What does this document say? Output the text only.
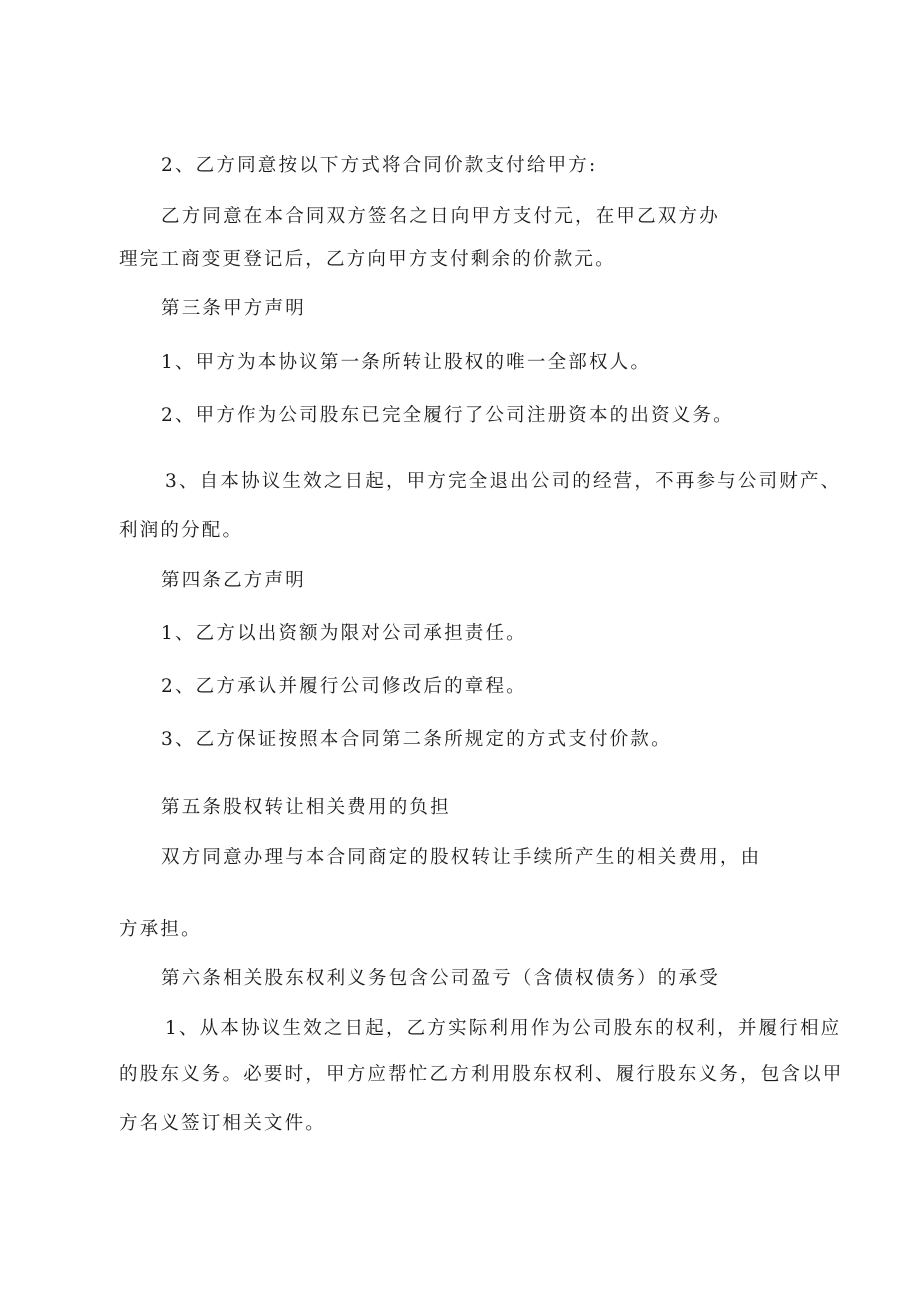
2、乙方同意按以下方式将合同价款支付给甲方:
乙方同意在本合同双方签名之日向甲方支付元，在甲乙双方办
理完工商变更登记后，乙方向甲方支付剩余的价款元。
第三条甲方声明
1、甲方为本协议第一条所转让股权的唯一全部权人。
2、甲方作为公司股东已完全履行了公司注册资本的出资义务。
3、自本协议生效之日起，甲方完全退出公司的经营，不再参与公司财产、
利润的分配。
第四条乙方声明
1、乙方以出资额为限对公司承担责任。
2、乙方承认并履行公司修改后的章程。
3、乙方保证按照本合同第二条所规定的方式支付价款。
第五条股权转让相关费用的负担
双方同意办理与本合同商定的股权转让手续所产生的相关费用，由
方承担。
第六条相关股东权利义务包含公司盈亏（含债权债务）的承受
1、从本协议生效之日起，乙方实际利用作为公司股东的权利，并履行相应
的股东义务。必要时，甲方应帮忙乙方利用股东权利、履行股东义务，包含以甲
方名义签订相关文件。
